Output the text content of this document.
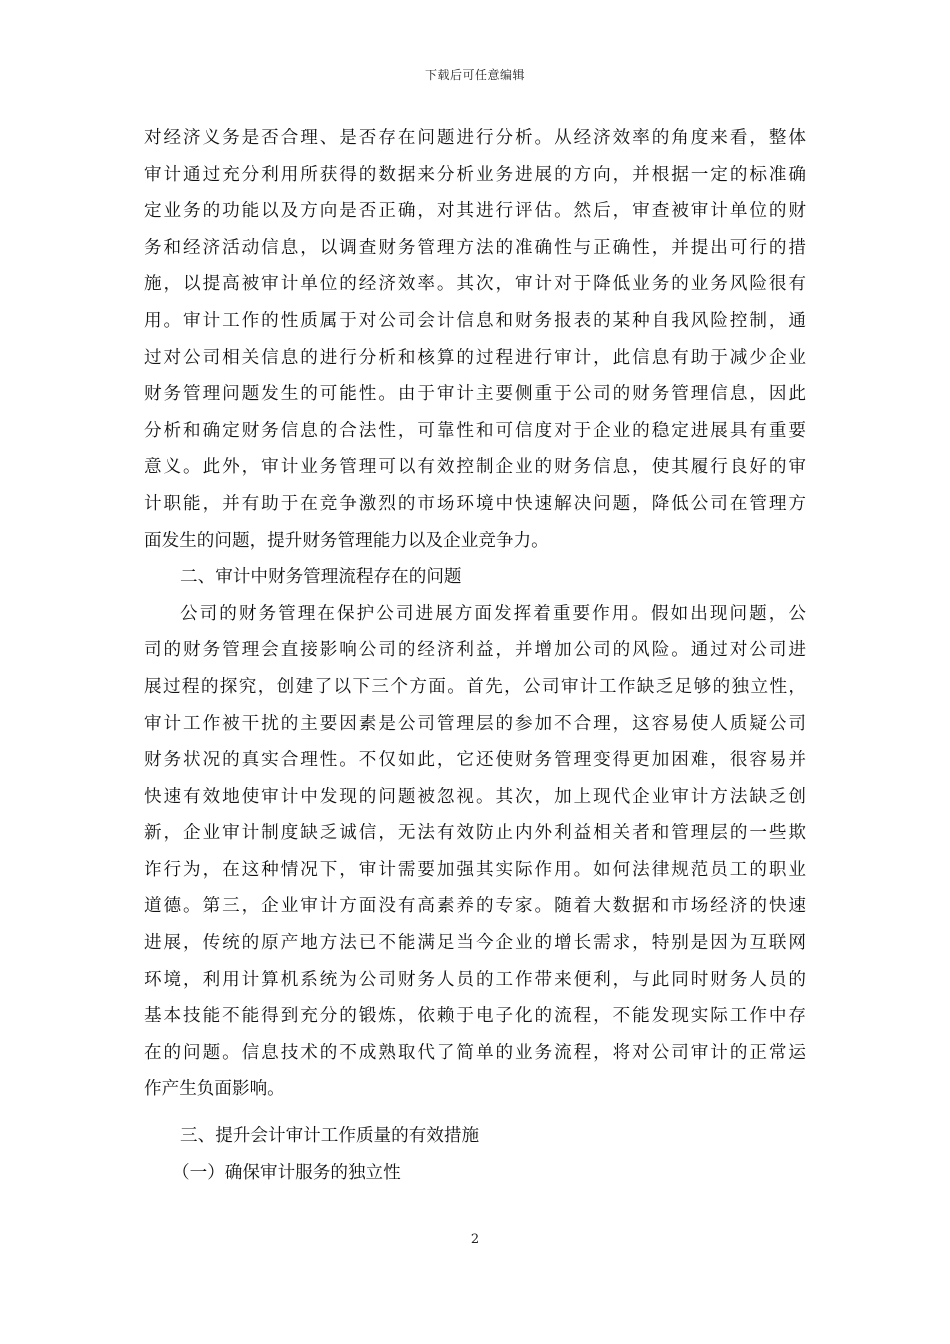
下载后可任意编辑
对经济义务是否合理、是否存在问题进行分析。从经济效率的角度来看，整体
审计通过充分利用所获得的数据来分析业务进展的方向，并根据一定的标准确
定业务的功能以及方向是否正确，对其进行评估。然后，审查被审计单位的财
务和经济活动信息，以调查财务管理方法的准确性与正确性，并提出可行的措
施，以提高被审计单位的经济效率。其次，审计对于降低业务的业务风险很有
用。审计工作的性质属于对公司会计信息和财务报表的某种自我风险控制，通
过对公司相关信息的进行分析和核算的过程进行审计，此信息有助于减少企业
财务管理问题发生的可能性。由于审计主要侧重于公司的财务管理信息，因此
分析和确定财务信息的合法性，可靠性和可信度对于企业的稳定进展具有重要
意义。此外，审计业务管理可以有效控制企业的财务信息，使其履行良好的审
计职能，并有助于在竞争激烈的市场环境中快速解决问题，降低公司在管理方
面发生的问题，提升财务管理能力以及企业竞争力。
二、审计中财务管理流程存在的问题
公司的财务管理在保护公司进展方面发挥着重要作用。假如出现问题，公
司的财务管理会直接影响公司的经济利益，并增加公司的风险。通过对公司进
展过程的探究，创建了以下三个方面。首先，公司审计工作缺乏足够的独立性，
审计工作被干扰的主要因素是公司管理层的参加不合理，这容易使人质疑公司
财务状况的真实合理性。不仅如此，它还使财务管理变得更加困难，很容易并
快速有效地使审计中发现的问题被忽视。其次，加上现代企业审计方法缺乏创
新，企业审计制度缺乏诚信，无法有效防止内外利益相关者和管理层的一些欺
诈行为，在这种情况下，审计需要加强其实际作用。如何法律规范员工的职业
道德。第三，企业审计方面没有高素养的专家。随着大数据和市场经济的快速
进展，传统的原产地方法已不能满足当今企业的增长需求，特别是因为互联网
环境，利用计算机系统为公司财务人员的工作带来便利，与此同时财务人员的
基本技能不能得到充分的锻炼，依赖于电子化的流程，不能发现实际工作中存
在的问题。信息技术的不成熟取代了简单的业务流程，将对公司审计的正常运
作产生负面影响。
三、提升会计审计工作质量的有效措施
（一）确保审计服务的独立性
2
